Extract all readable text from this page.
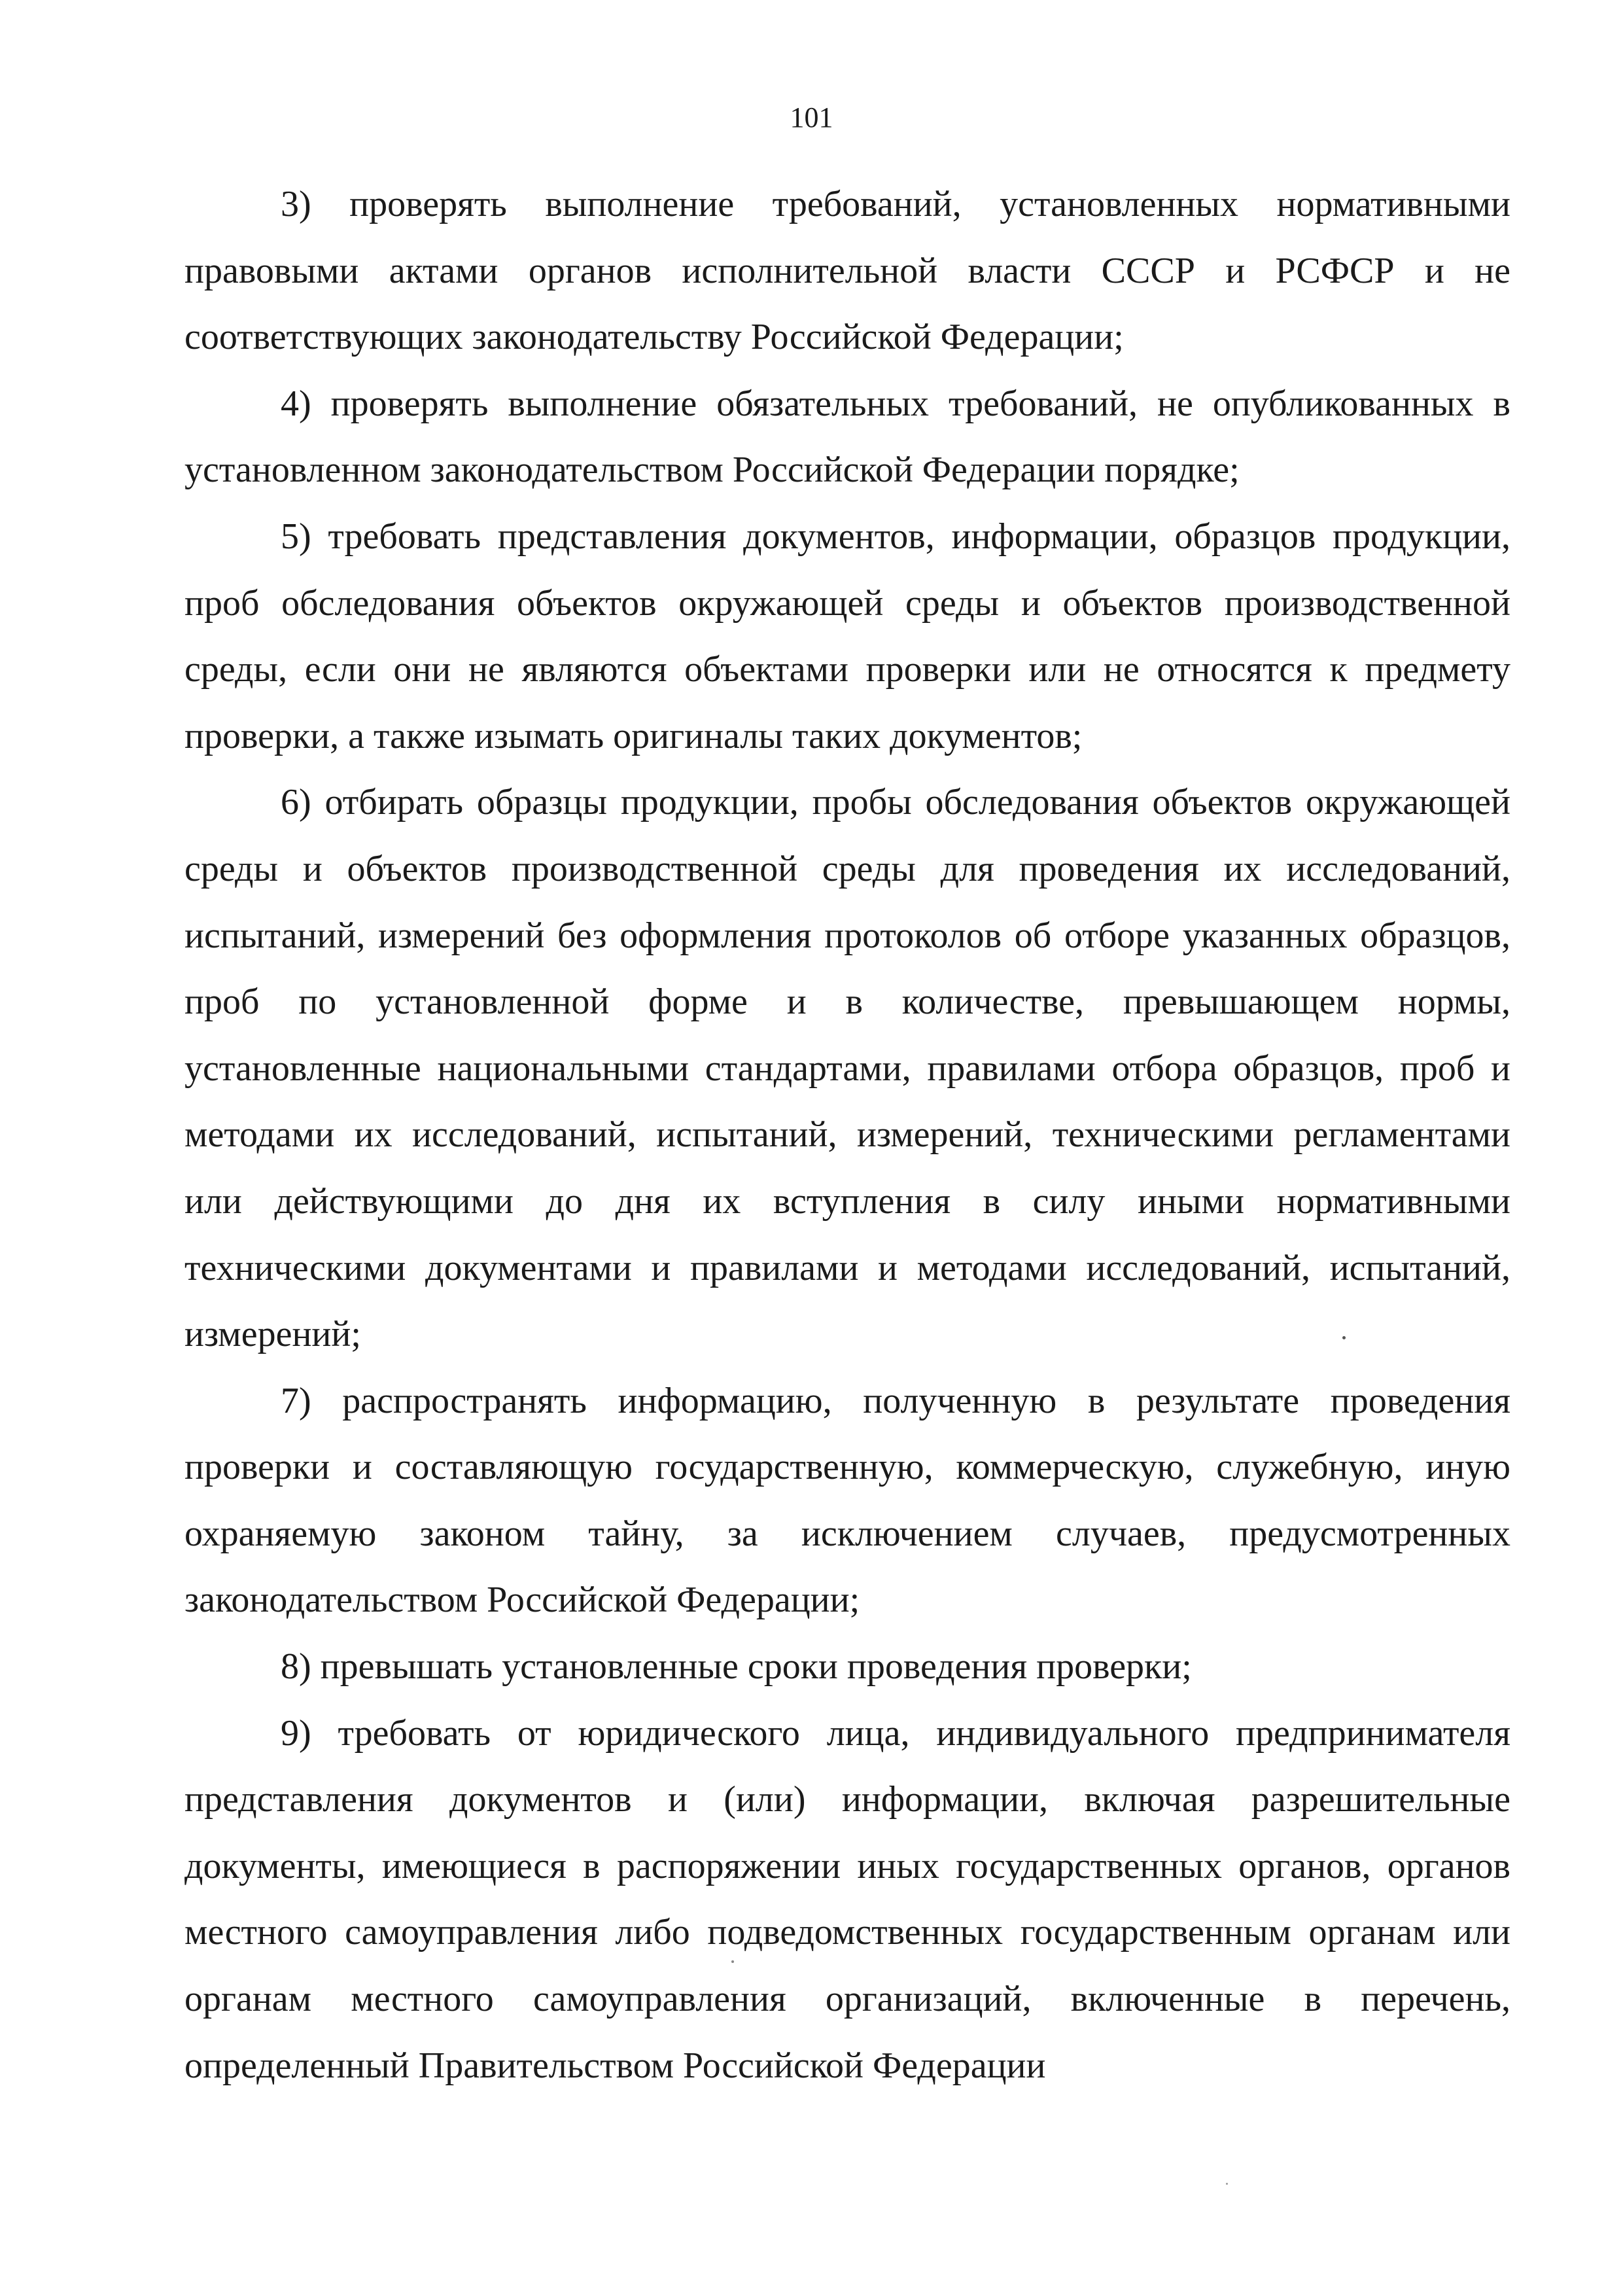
101

3) проверять выполнение требований, установленных нормативными правовыми актами органов исполнительной власти СССР и РСФСР и не соответствующих законодательству Российской Федерации;

4) проверять выполнение обязательных требований, не опубликованных в установленном законодательством Российской Федерации порядке;

5) требовать представления документов, информации, образцов продукции, проб обследования объектов окружающей среды и объектов производственной среды, если они не являются объектами проверки или не относятся к предмету проверки, а также изымать оригиналы таких документов;

6) отбирать образцы продукции, пробы обследования объектов окружающей среды и объектов производственной среды для проведения их исследований, испытаний, измерений без оформления протоколов об отборе указанных образцов, проб по установленной форме и в количестве, превышающем нормы, установленные национальными стандартами, правилами отбора образцов, проб и методами их исследований, испытаний, измерений, техническими регламентами или действующими до дня их вступления в силу иными нормативными техническими документами и правилами и методами исследований, испытаний, измерений;

7) распространять информацию, полученную в результате проведения проверки и составляющую государственную, коммерческую, служебную, иную охраняемую законом тайну, за исключением случаев, предусмотренных законодательством Российской Федерации;

8) превышать установленные сроки проведения проверки;

9) требовать от юридического лица, индивидуального предпринимателя представления документов и (или) информации, включая разрешительные документы, имеющиеся в распоряжении иных государственных органов, органов местного самоуправления либо подведомственных государственным органам или органам местного самоуправления организаций, включенные в перечень, определенный Правительством Российской Федерации
